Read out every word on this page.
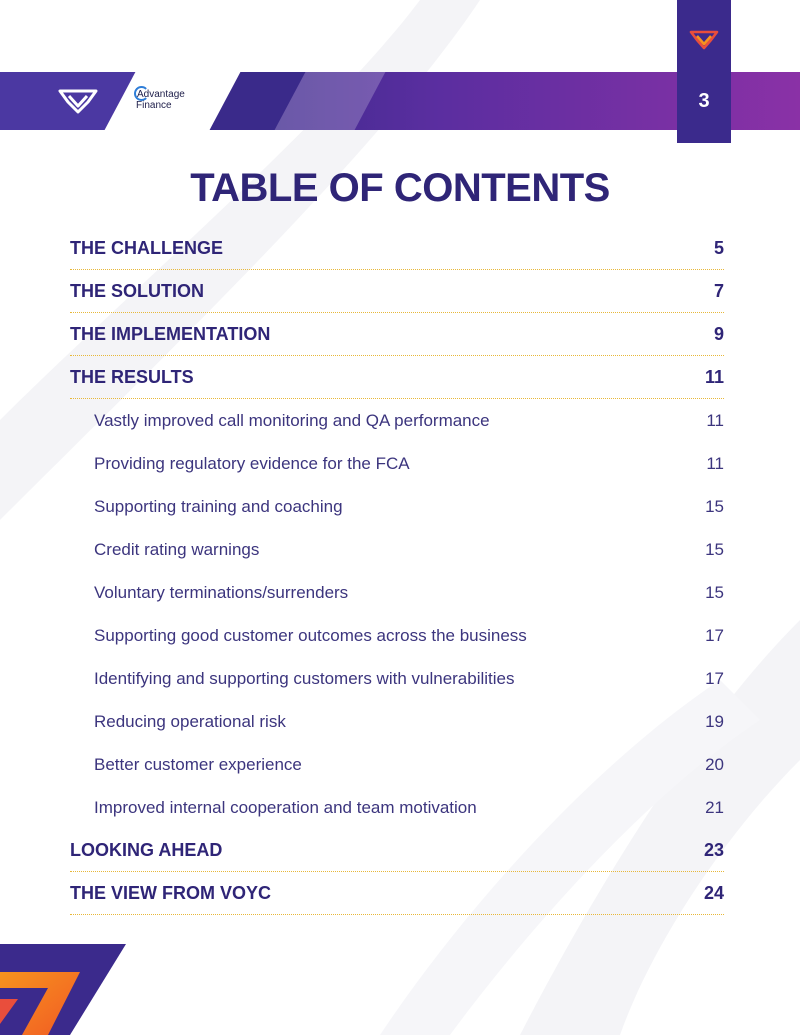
Advantage
Finance	3
TABLE OF CONTENTS
THE CHALLENGE	5
THE SOLUTION	7
THE IMPLEMENTATION	9
THE RESULTS	11
Vastly improved call monitoring and QA performance	11
Providing regulatory evidence for the FCA	11
Supporting training and coaching	15
Credit rating warnings	15
Voluntary terminations/surrenders	15
Supporting good customer outcomes across the business	17
Identifying and supporting customers with vulnerabilities	17
Reducing operational risk	19
Better customer experience	20
Improved internal cooperation and team motivation	21
LOOKING AHEAD	23
THE VIEW FROM VOYC	24
